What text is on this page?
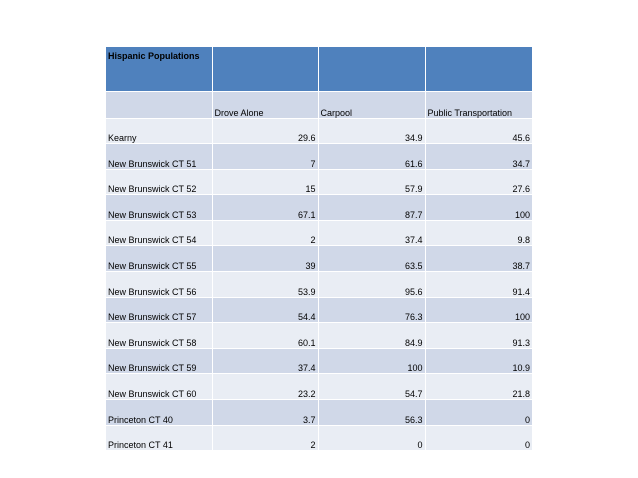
Hispanic Populations			
	Drove Alone	Carpool	Public Transportation
Kearny	29.6	34.9	45.6
New Brunswick CT 51	7	61.6	34.7
New Brunswick CT 52	15	57.9	27.6
New Brunswick CT 53	67.1	87.7	100
New Brunswick CT 54	2	37.4	9.8
New Brunswick CT 55	39	63.5	38.7
New Brunswick CT 56	53.9	95.6	91.4
New Brunswick CT 57	54.4	76.3	100
New Brunswick CT 58	60.1	84.9	91.3
New Brunswick CT 59	37.4	100	10.9
New Brunswick CT 60	23.2	54.7	21.8
Princeton CT 40	3.7	56.3	0
Princeton CT 41	2	0	0
